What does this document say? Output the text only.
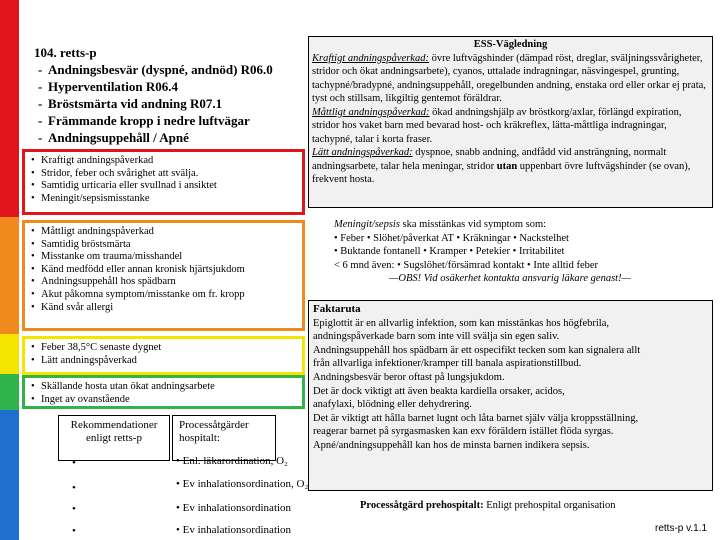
104. retts-p
- Andningsbesvär (dyspné, andnöd) R06.0
- Hyperventilation R06.4
- Bröstsmärta vid andning R07.1
- Främmande kropp i nedre luftvägar
- Andningsuppehåll / Apné
• Kraftigt andningspåverkad
• Stridor, feber och svårighet att svälja.
• Samtidig urticaria eller svullnad i ansiktet
• Meningit/sepsismisstanke
• Måttligt andningspåverkad
• Samtidig bröstsmärta
• Misstanke om trauma/misshandel
• Känd medfödd eller annan kronisk hjärtsjukdom
• Andningsuppehåll hos spädbarn
• Akut påkomna symptom/misstanke om fr. kropp
• Känd svår allergi
• Feber 38,5°C senaste dygnet
• Lätt andningspåverkad
• Skällande hosta utan ökat andningsarbete
• Inget av ovanstående
Rekommendationer enligt retts-p
Processåtgärder hospitalt:
•	• Enl. läkarordination, O₂
•	• Ev inhalationsordination, O₂
•	• Ev inhalationsordination
•	• Ev inhalationsordination
ESS-Vägledning
Kraftigt andningspåverkad: övre luftvägshinder (dämpad röst, dreglar, sväljningssvårigheter, stridor och ökat andningsarbete), cyanos, uttalade indragningar, näsvingespel, grunting, tachypné/bradypné, andningsuppehåll, oregelbunden andning, enstaka ord eller orkar ej prata, tyst och stillsam, likgiltig gentemot föräldrar.
Måttligt andningspåverkad: ökad andningshjälp av bröstkorg/axlar, förlängd expiration, stridor hos vaket barn med bevarad host- och kräkreflex, lätta-måttliga indragningar, tachypné, talar i korta fraser.
Lätt andningspåverkad: dyspnoe, snabb andning, andfådd vid ansträngning, normalt andningsarbete, talar hela meningar, stridor utan uppenbart övre luftvägshinder (se ovan), frekvent hosta.
Meningit/sepsis ska misstänkas vid symptom som:
• Feber • Slöhet/påverkat AT • Kräkningar • Nackstelhet
• Buktande fontanell • Kramper • Petekier • Irritabilitet
< 6 mnd även: • Sugslöhet/försämrad kontakt • Inte alltid feber
—OBS! Vid osäkerhet kontakta ansvarig läkare genast!—
Faktaruta
Epiglottit är en allvarlig infektion, som kan misstänkas hos högfebrila,
andningspåverkade barn som inte vill svälja sin egen saliv.
Andningsuppehåll hos spädbarn är ett ospecifikt tecken som kan signalera allt
från allvarliga infektioner/kramper till banala aspirationstillbud.
Andningsbesvär beror oftast på lungsjukdom.
Det är dock viktigt att även beakta kardiella orsaker, acidos,
anafylaxi, blödning eller dehydrering.
Det är viktigt att hålla barnet lugnt och låta barnet själv välja kroppsställning,
reagerar barnet på syrgasmasken kan exv föräldern istället flöda syrgas.
Apné/andningsuppehåll kan hos de minsta barnen indikera sepsis.
Processåtgärd prehospitalt: Enligt prehospital organisation
retts-p v.1.1
